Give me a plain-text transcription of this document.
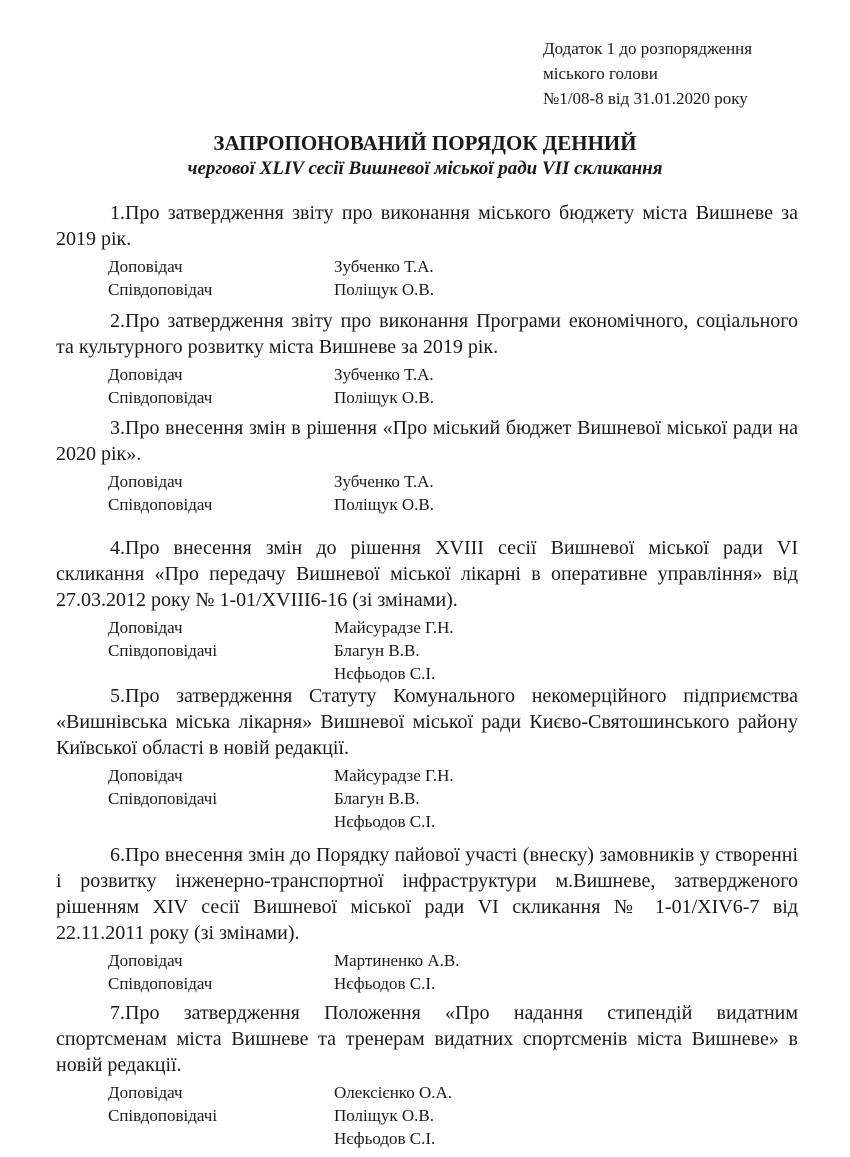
Додаток 1 до розпорядження
міського голови
№1/08-8 від 31.01.2020 року
ЗАПРОПОНОВАНИЙ ПОРЯДОК ДЕННИЙ
чергової XLIV сесії Вишневої міської ради VII скликання

1.Про затвердження звіту про виконання міського бюджету міста Вишневе за 2019 рік.

Доповідач	Зубченко Т.А.
Співдоповідач	Поліщук О.В.

2.Про затвердження звіту про виконання Програми економічного, соціального та культурного розвитку міста Вишневе за 2019 рік.

Доповідач	Зубченко Т.А.
Співдоповідач	Поліщук О.В.

3.Про внесення змін в рішення «Про міський бюджет Вишневої міської ради на 2020 рік».

Доповідач	Зубченко Т.А.
Співдоповідач	Поліщук О.В.

4.Про внесення змін до рішення XVIII сесії Вишневої міської ради VI скликання «Про передачу Вишневої міської лікарні в оперативне управління» від 27.03.2012 року № 1-01/XVIII6-16 (зі змінами).

Доповідач	Майсурадзе Г.Н.
Співдоповідачі	Благун В.В.
Нєфьодов С.І.

5.Про затвердження Статуту Комунального некомерційного підприємства «Вишнівська міська лікарня» Вишневої міської ради Києво-Святошинського району Київської області в новій редакції.

Доповідач	Майсурадзе Г.Н.
Співдоповідачі	Благун В.В.
Нєфьодов С.І.

6.Про внесення змін до Порядку пайової участі (внеску) замовників у створенні і розвитку інженерно-транспортної інфраструктури м.Вишневе, затвердженого рішенням XIV сесії Вишневої міської ради VI скликання № 1-01/XIV6-7 від 22.11.2011 року (зі змінами).

Доповідач	Мартиненко А.В.
Співдоповідач	Нєфьодов С.І.

7.Про затвердження Положення «Про надання стипендій видатним спортсменам міста Вишневе та тренерам видатних спортсменів міста Вишневе» в новій редакції.

Доповідач	Олексієнко О.А.
Співдоповідачі	Поліщук О.В.
Нєфьодов С.І.
